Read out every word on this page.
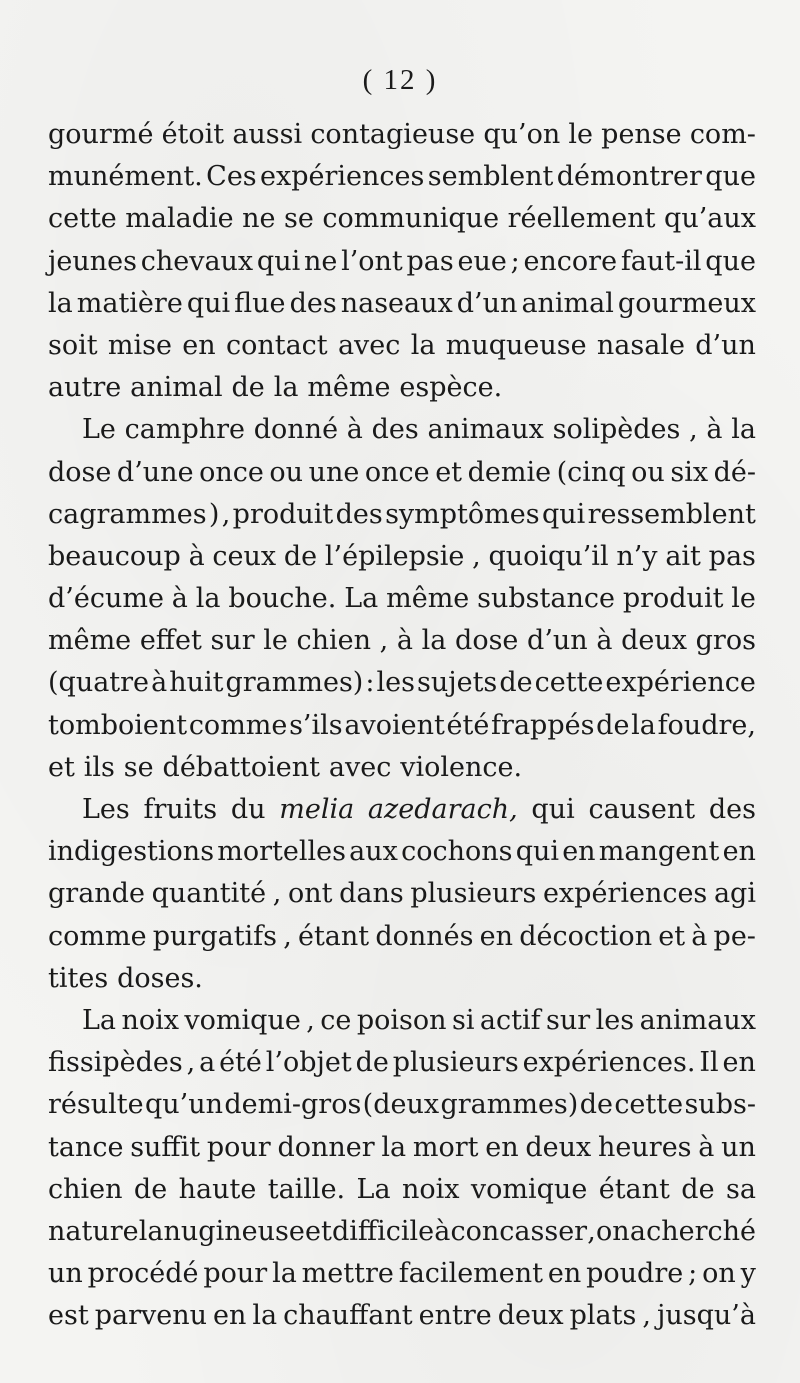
( 12 )
gourmé étoit aussi contagieuse qu’on le pense com-
munément. Ces expériences semblent démontrer que
cette maladie ne se communique réellement qu’aux
jeunes chevaux qui ne l’ont pas eue ; encore faut-il que
la matière qui flue des naseaux d’un animal gourmeux
soit mise en contact avec la muqueuse nasale d’un
autre animal de la même espèce.
Le camphre donné à des animaux solipèdes , à la
dose d’une once ou une once et demie (cinq ou six dé-
cagrammes ) , produit des symptômes qui ressemblent
beaucoup à ceux de l’épilepsie , quoiqu’il n’y ait pas
d’écume à la bouche. La même substance produit le
même effet sur le chien , à la dose d’un à deux gros
(quatre à huit grammes) : les sujets de cette expérience
tomboient comme s’ils avoient été frappés de la foudre,
et ils se débattoient avec violence.
Les fruits du melia azedarach, qui causent des
indigestions mortelles aux cochons qui en mangent en
grande quantité , ont dans plusieurs expériences agi
comme purgatifs , étant donnés en décoction et à pe-
tites doses.
La noix vomique , ce poison si actif sur les animaux
fissipèdes , a été l’objet de plusieurs expériences. Il en
résulte qu’un demi-gros (deux grammes) de cette subs-
tance suffit pour donner la mort en deux heures à un
chien de haute taille. La noix vomique étant de sa
nature lanugineuse et difficile à concasser , on a cherché
un procédé pour la mettre facilement en poudre ; on y
est parvenu en la chauffant entre deux plats , jusqu’à
